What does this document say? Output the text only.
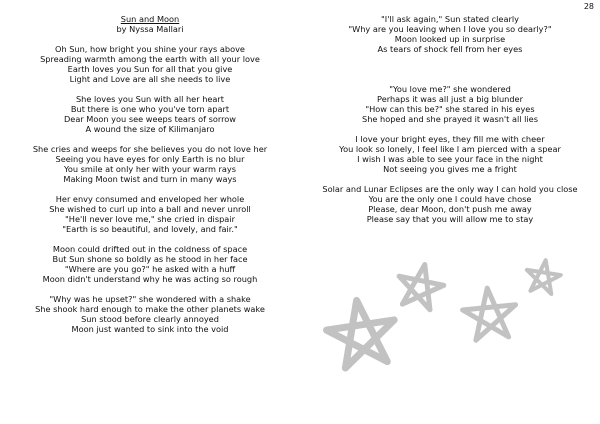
28
Sun and Moon
by Nyssa Mallari
Oh Sun, how bright you shine your rays above
Spreading warmth among the earth with all your love
Earth loves you Sun for all that you give
Light and Love are all she needs to live
She loves you Sun with all her heart
But there is one who you've torn apart
Dear Moon you see weeps tears of sorrow
A wound the size of Kilimanjaro
She cries and weeps for she believes you do not love her
Seeing you have eyes for only Earth is no blur
You smile at only her with your warm rays
Making Moon twist and turn in many ways
Her envy consumed and enveloped her whole
She wished to curl up into a ball and never unroll
"He'll never love me," she cried in dispair
"Earth is so beautiful, and lovely, and fair."
Moon could drifted out in the coldness of space
But Sun shone so boldly as he stood in her face
"Where are you go?" he asked with a huff
Moon didn't understand why he was acting so rough
"Why was he upset?" she wondered with a shake
She shook hard enough to make the other planets wake
Sun stood before clearly annoyed
Moon just wanted to sink into the void
"I'll ask again," Sun stated clearly
"Why are you leaving when I love you so dearly?"
Moon looked up in surprise
As tears of shock fell from her eyes

"You love me?" she wondered
Perhaps it was all just a big blunder
"How can this be?" she stared in his eyes
She hoped and she prayed it wasn't all lies
I love your bright eyes, they fill me with cheer
You look so lonely, I feel like I am pierced with a spear
I wish I was able to see your face in the night
Not seeing you gives me a fright
Solar and Lunar Eclipses are the only way I can hold you close
You are the only one I could have chose
Please, dear Moon, don't push me away
Please say that you will allow me to stay
